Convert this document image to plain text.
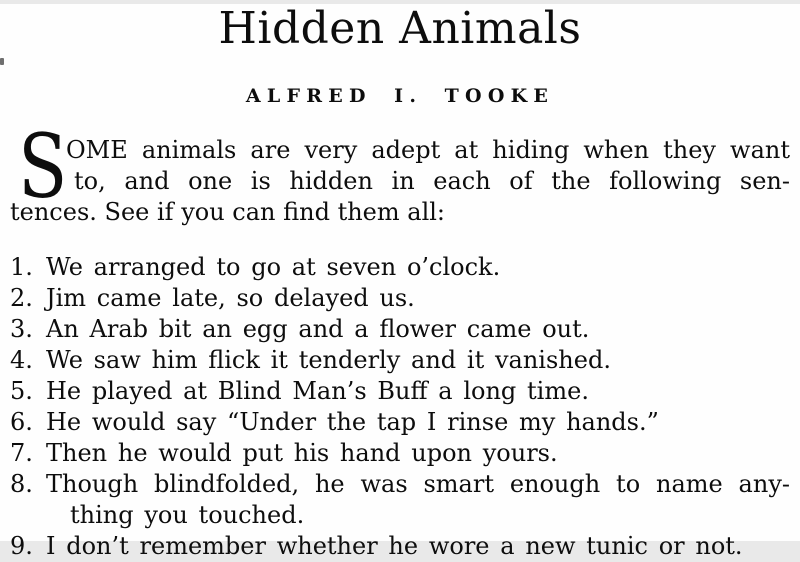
Hidden Animals
ALFRED I. TOOKE

S
OME animals are very adept at hiding when they want
to, and one is hidden in each of the following sen-
tences. See if you can find them all:

1. We arranged to go at seven o’clock.
2. Jim came late, so delayed us.
3. An Arab bit an egg and a flower came out.
4. We saw him flick it tenderly and it vanished.
5. He played at Blind Man’s Buff a long time.
6. He would say “Under the tap I rinse my hands.”
7. Then he would put his hand upon yours.
8. Though blindfolded, he was smart enough to name any-
thing you touched.
9. I don’t remember whether he wore a new tunic or not.
